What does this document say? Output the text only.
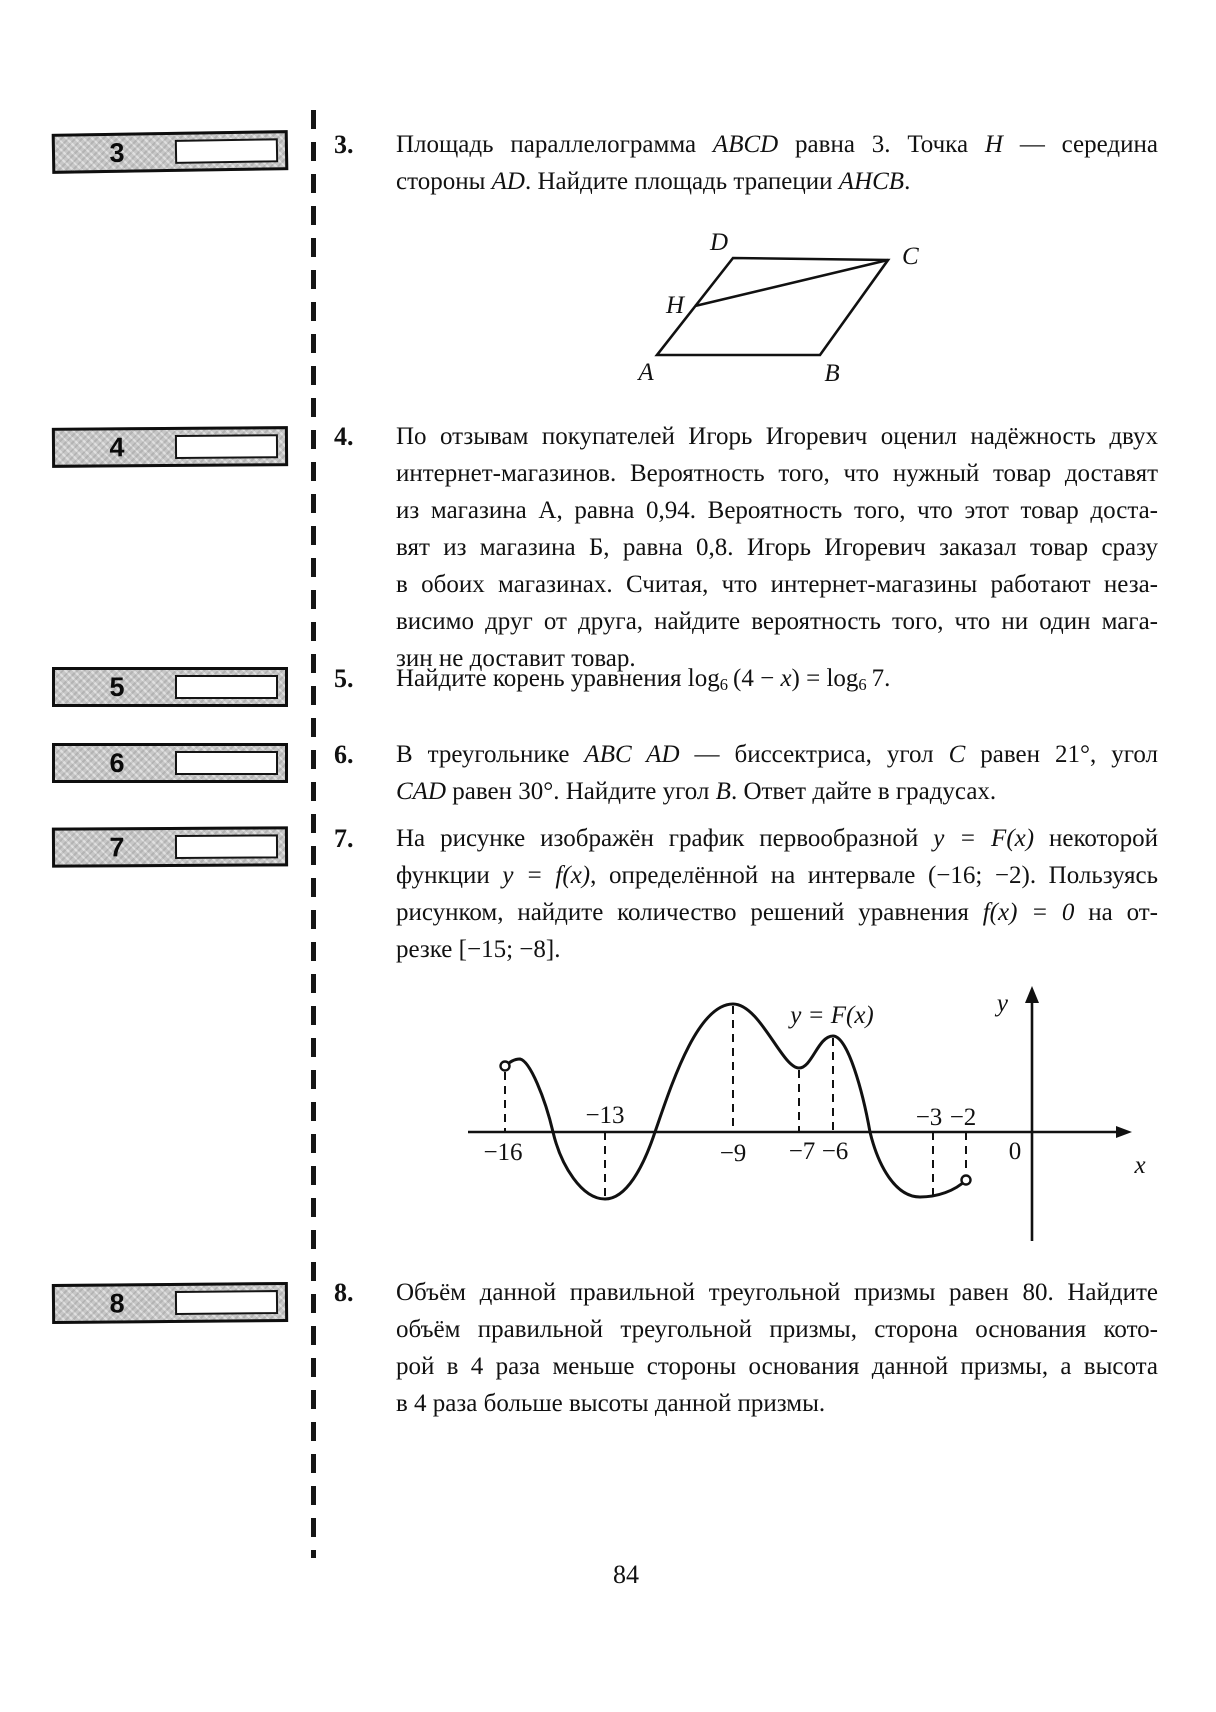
3
4
5
6
7
8
3.	Площадь параллелограмма ABCD равна 3. Точка H — середина
стороны AD. Найдите площадь трапеции AHCB.
D
C
H
A	B
4.	По отзывам покупателей Игорь Игоревич оценил надёжность двух
интернет-магазинов. Вероятность того, что нужный товар доставят
из магазина А, равна 0,94. Вероятность того, что этот товар доста-
вят из магазина Б, равна 0,8. Игорь Игоревич заказал товар сразу
в обоих магазинах. Считая, что интернет-магазины работают неза-
висимо друг от друга, найдите вероятность того, что ни один мага-
зин не доставит товар.
5.	Найдите корень уравнения $\log_6 (4 - x) = \log_6 7$.
6.	В треугольнике ABC AD — биссектриса, угол C равен 21°, угол
CAD равен 30°. Найдите угол B. Ответ дайте в градусах.
7.	На рисунке изображён график первообразной y = F(x) некоторой
функции y = f(x), определённой на интервале (−16; −2). Пользуясь
рисунком, найдите количество решений уравнения f(x) = 0 на от-
резке [−15; −8].
y = F(x)	y
x
−16
−13
−9 −7 −6
−3 −2
0
8.	Объём данной правильной треугольной призмы равен 80. Найдите
объём правильной треугольной призмы, сторона основания кото-
рой в 4 раза меньше стороны основания данной призмы, а высота
в 4 раза больше высоты данной призмы.
84
